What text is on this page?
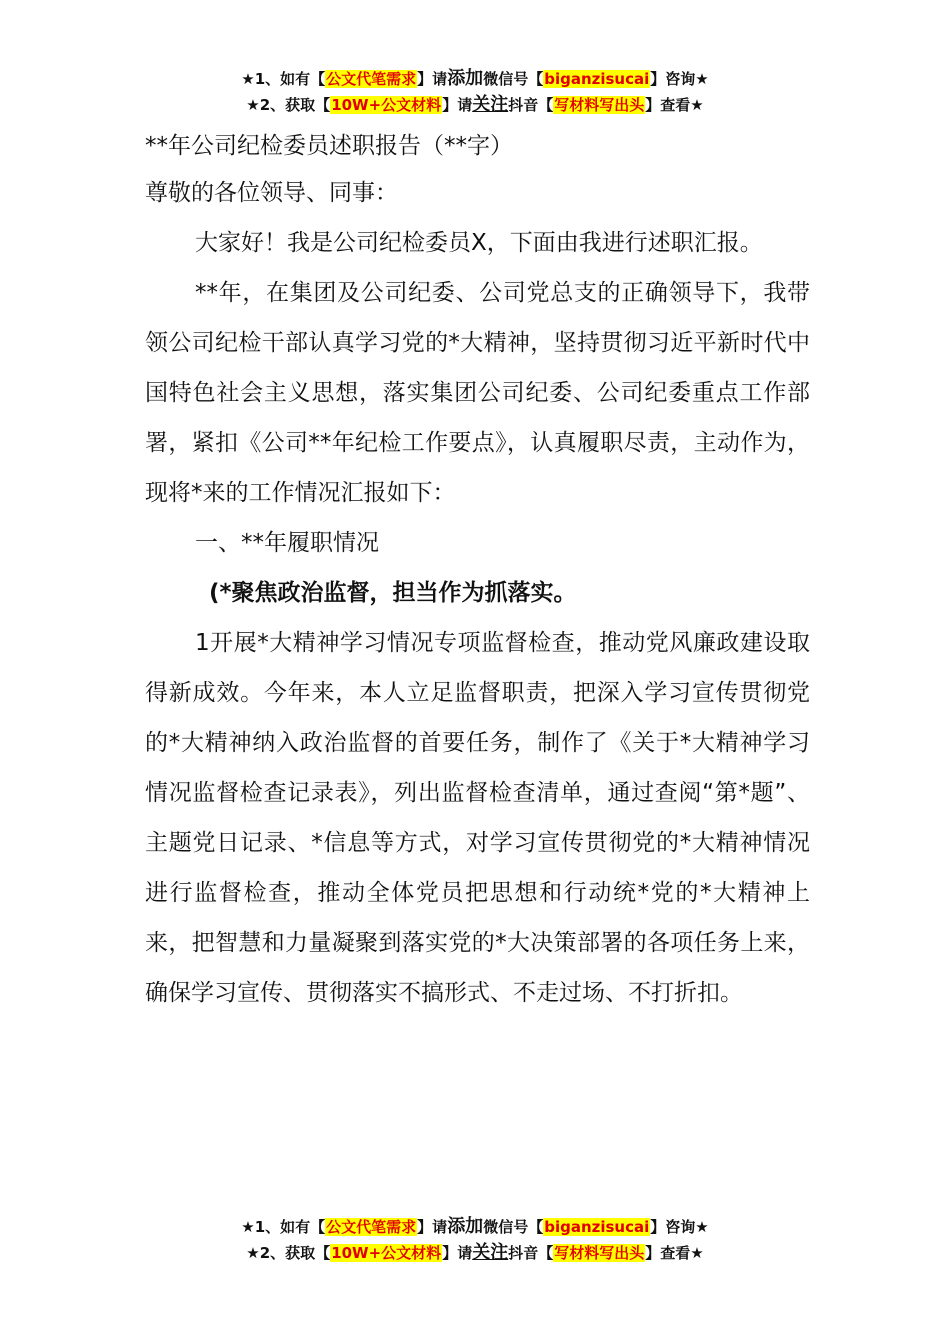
★1、如有【公文代笔需求】请添加微信号【biganzisucai】咨询★
★2、获取【10W+公文材料】请关注抖音【写材料写出头】查看★

**年公司纪检委员述职报告（**字）

尊敬的各位领导、同事：

大家好！我是公司纪检委员X，下面由我进行述职汇报。

**年，在集团及公司纪委、公司党总支的正确领导下，我带领公司纪检干部认真学习党的*大精神，坚持贯彻习近平新时代中国特色社会主义思想，落实集团公司纪委、公司纪委重点工作部署，紧扣《公司**年纪检工作要点》，认真履职尽责，主动作为，现将*来的工作情况汇报如下：

一、**年履职情况

(*聚焦政治监督，担当作为抓落实。

1开展*大精神学习情况专项监督检查，推动党风廉政建设取得新成效。今年来，本人立足监督职责，把深入学习宣传贯彻党的*大精神纳入政治监督的首要任务，制作了《关于*大精神学习情况监督检查记录表》，列出监督检查清单，通过查阅“第*题”、主题党日记录、*信息等方式，对学习宣传贯彻党的*大精神情况进行监督检查，推动全体党员把思想和行动统*党的*大精神上来，把智慧和力量凝聚到落实党的*大决策部署的各项任务上来，确保学习宣传、贯彻落实不搞形式、不走过场、不打折扣。

★1、如有【公文代笔需求】请添加微信号【biganzisucai】咨询★
★2、获取【10W+公文材料】请关注抖音【写材料写出头】查看★
